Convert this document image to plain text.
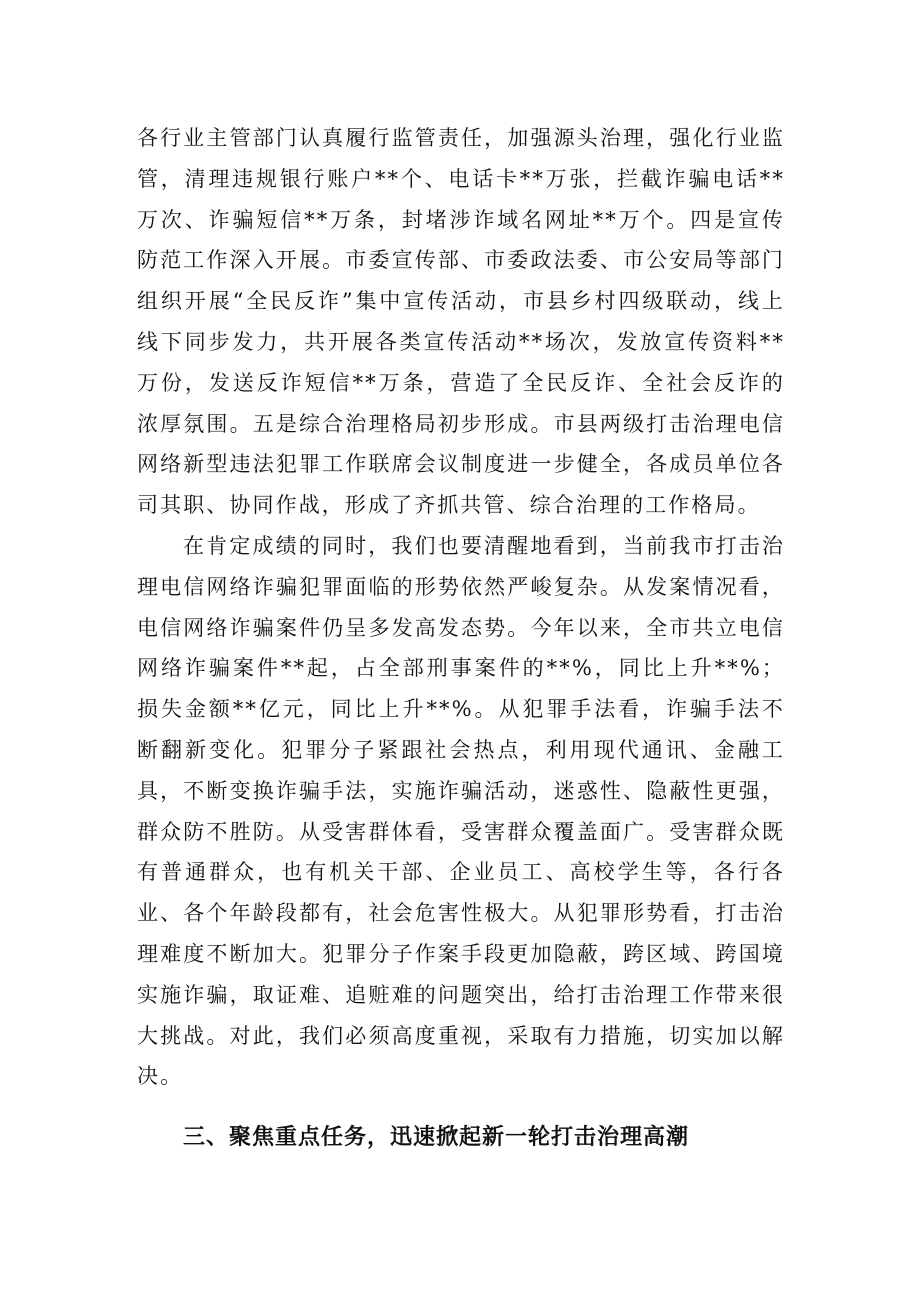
各行业主管部门认真履行监管责任，加强源头治理，强化行业监管，清理违规银行账户**个、电话卡**万张，拦截诈骗电话**万次、诈骗短信**万条，封堵涉诈域名网址**万个。四是宣传防范工作深入开展。市委宣传部、市委政法委、市公安局等部门组织开展“全民反诈”集中宣传活动，市县乡村四级联动，线上线下同步发力，共开展各类宣传活动**场次，发放宣传资料**万份，发送反诈短信**万条，营造了全民反诈、全社会反诈的浓厚氛围。五是综合治理格局初步形成。市县两级打击治理电信网络新型违法犯罪工作联席会议制度进一步健全，各成员单位各司其职、协同作战，形成了齐抓共管、综合治理的工作格局。

在肯定成绩的同时，我们也要清醒地看到，当前我市打击治理电信网络诈骗犯罪面临的形势依然严峻复杂。从发案情况看，电信网络诈骗案件仍呈多发高发态势。今年以来，全市共立电信网络诈骗案件**起，占全部刑事案件的**%，同比上升**%；损失金额**亿元，同比上升**%。从犯罪手法看，诈骗手法不断翻新变化。犯罪分子紧跟社会热点，利用现代通讯、金融工具，不断变换诈骗手法，实施诈骗活动，迷惑性、隐蔽性更强，群众防不胜防。从受害群体看，受害群众覆盖面广。受害群众既有普通群众，也有机关干部、企业员工、高校学生等，各行各业、各个年龄段都有，社会危害性极大。从犯罪形势看，打击治理难度不断加大。犯罪分子作案手段更加隐蔽，跨区域、跨国境实施诈骗，取证难、追赃难的问题突出，给打击治理工作带来很大挑战。对此，我们必须高度重视，采取有力措施，切实加以解决。

三、聚焦重点任务，迅速掀起新一轮打击治理高潮
